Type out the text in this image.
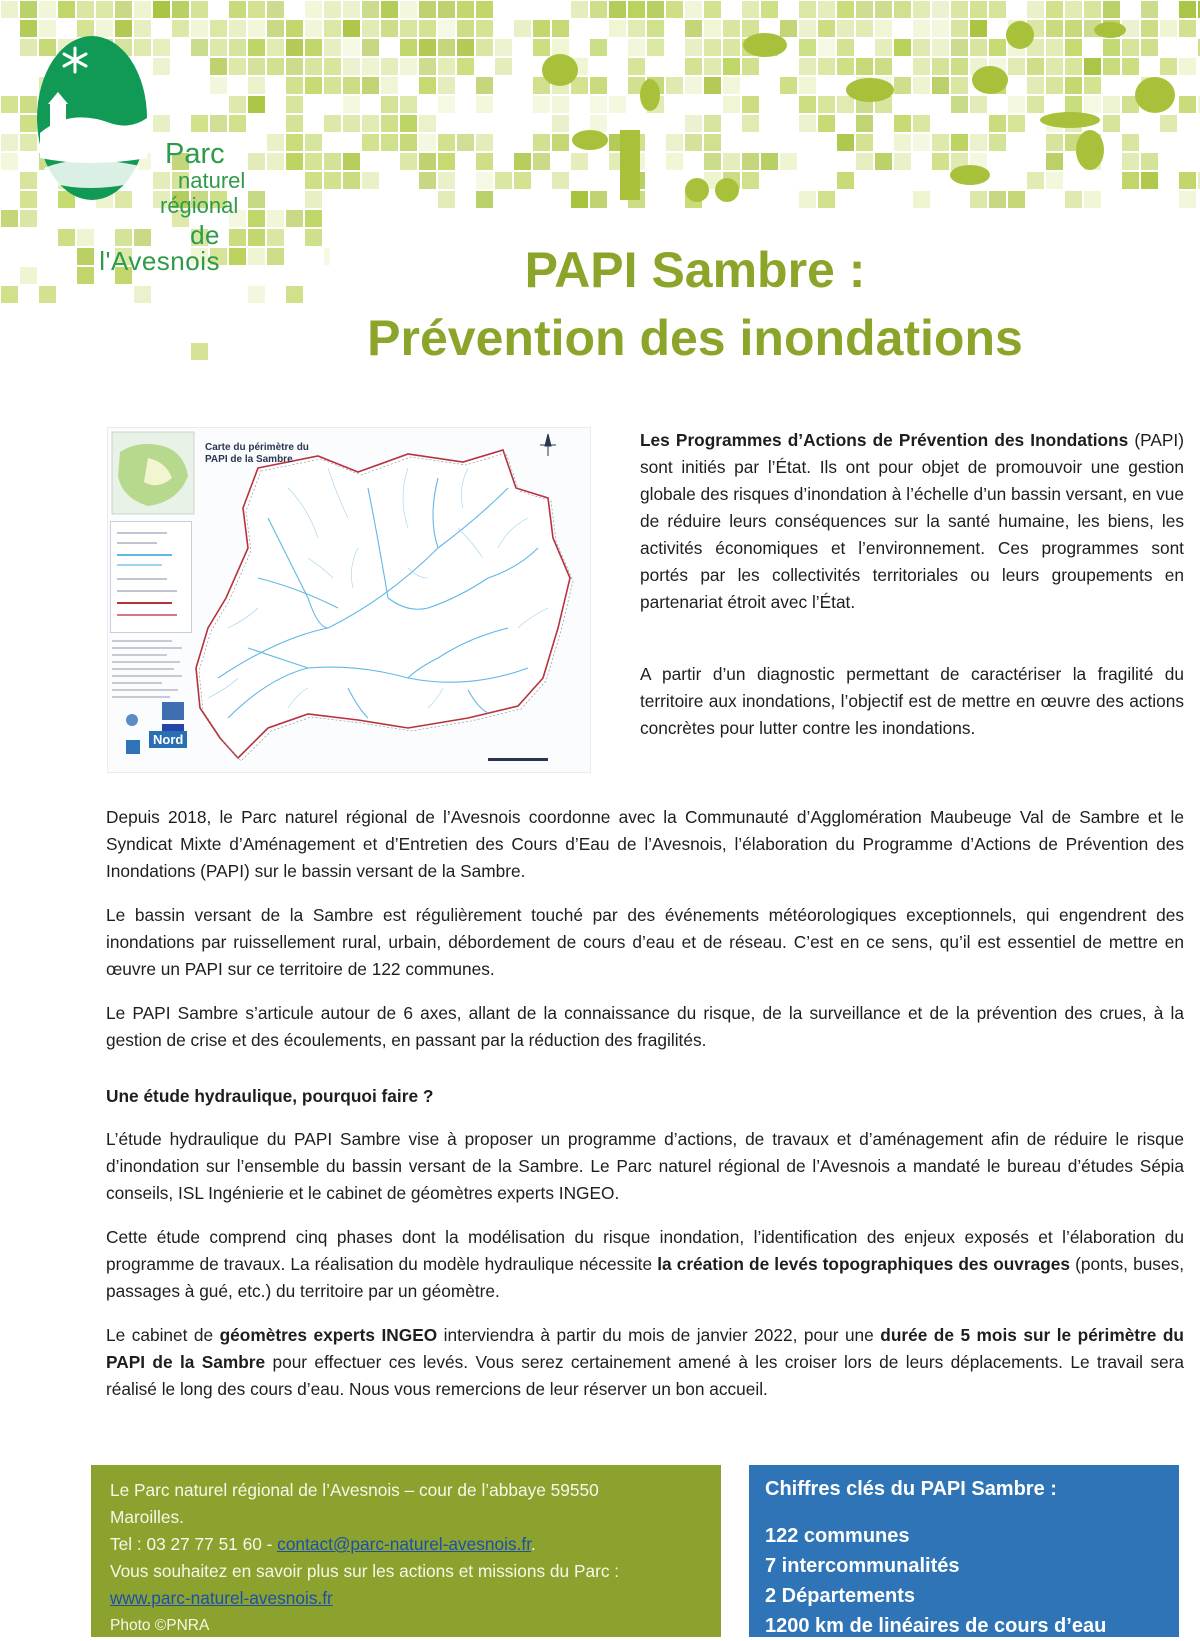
Parc
naturel
régional
de l'Avesnois	PAPI Sambre :
Prévention des inondations
Carte du périmètre du
PAPI de la Sambre
Nord

Les Programmes d’Actions de Prévention des Inondations (PAPI) sont initiés par l’État. Ils ont pour objet de promouvoir une gestion globale des risques d’inondation à l’échelle d’un bassin versant, en vue de réduire leurs conséquences sur la santé humaine, les biens, les activités économiques et l’environnement. Ces programmes sont portés par les collectivités territoriales ou leurs groupements en partenariat étroit avec l’État.

A partir d’un diagnostic permettant de caractériser la fragilité du territoire aux inondations, l’objectif est de mettre en œuvre des actions concrètes pour lutter contre les inondations.

Depuis 2018, le Parc naturel régional de l’Avesnois coordonne avec la Communauté d’Agglomération Maubeuge Val de Sambre et le Syndicat Mixte d’Aménagement et d’Entretien des Cours d’Eau de l’Avesnois, l’élaboration du Programme d’Actions de Prévention des Inondations (PAPI) sur le bassin versant de la Sambre.

Le bassin versant de la Sambre est régulièrement touché par des événements météorologiques exceptionnels, qui engendrent des inondations par ruissellement rural, urbain, débordement de cours d’eau et de réseau. C’est en ce sens, qu’il est essentiel de mettre en œuvre un PAPI sur ce territoire de 122 communes.

Le PAPI Sambre s’articule autour de 6 axes, allant de la connaissance du risque, de la surveillance et de la prévention des crues, à la gestion de crise et des écoulements, en passant par la réduction des fragilités.

Une étude hydraulique, pourquoi faire ?

L’étude hydraulique du PAPI Sambre vise à proposer un programme d’actions, de travaux et d’aménagement afin de réduire le risque d’inondation sur l’ensemble du bassin versant de la Sambre. Le Parc naturel régional de l’Avesnois a mandaté le bureau d’études Sépia conseils, ISL Ingénierie et le cabinet de géomètres experts INGEO.

Cette étude comprend cinq phases dont la modélisation du risque inondation, l’identification des enjeux exposés et l’élaboration du programme de travaux. La réalisation du modèle hydraulique nécessite la création de levés topographiques des ouvrages (ponts, buses, passages à gué, etc.) du territoire par un géomètre.

Le cabinet de géomètres experts INGEO interviendra à partir du mois de janvier 2022, pour une durée de 5 mois sur le périmètre du PAPI de la Sambre pour effectuer ces levés. Vous serez certainement amené à les croiser lors de leurs déplacements. Le travail sera réalisé le long des cours d’eau. Nous vous remercions de leur réserver un bon accueil.

Le Parc naturel régional de l’Avesnois – cour de l’abbaye 59550
Maroilles.
Tel : 03 27 77 51 60 - contact@parc-naturel-avesnois.fr.
Vous souhaitez en savoir plus sur les actions et missions du Parc :
www.parc-naturel-avesnois.fr
Photo ©PNRA
Chiffres clés du PAPI Sambre :
122 communes
7 intercommunalités
2 Départements
1200 km de linéaires de cours d’eau
